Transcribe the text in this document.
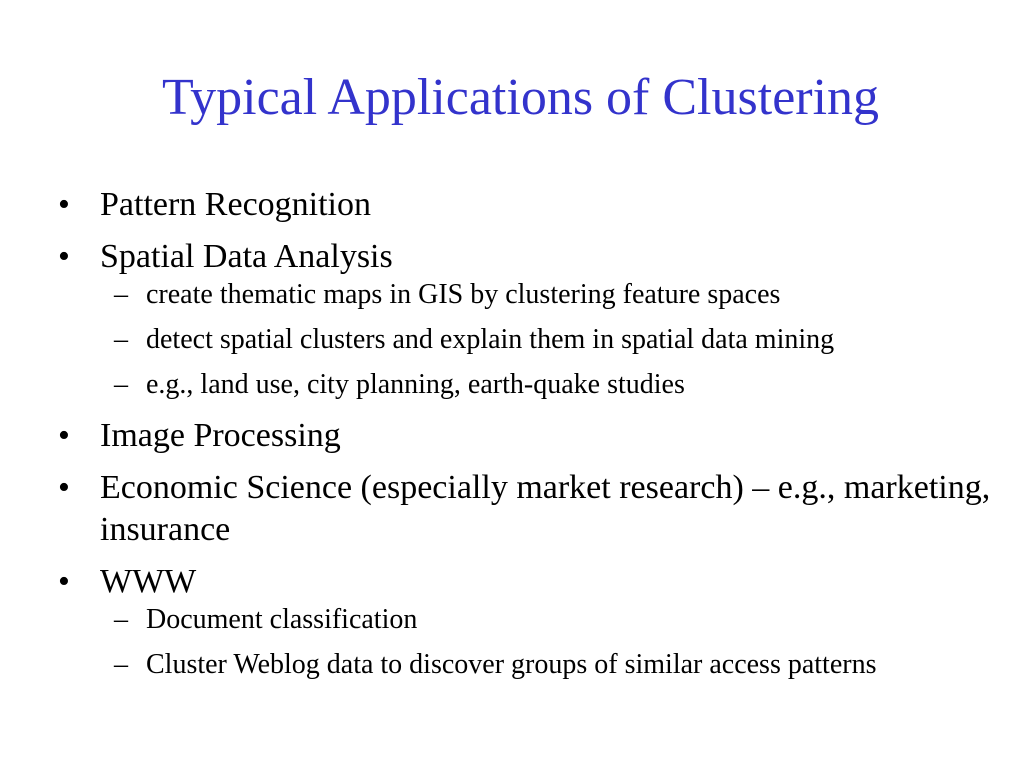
Typical Applications of Clustering
• Pattern Recognition
• Spatial Data Analysis
– create thematic maps in GIS by clustering feature spaces
– detect spatial clusters and explain them in spatial data mining
– e.g., land use, city planning, earth-quake studies
• Image Processing
• Economic Science (especially market research) – e.g., marketing, insurance
• WWW
– Document classification
– Cluster Weblog data to discover groups of similar access patterns
